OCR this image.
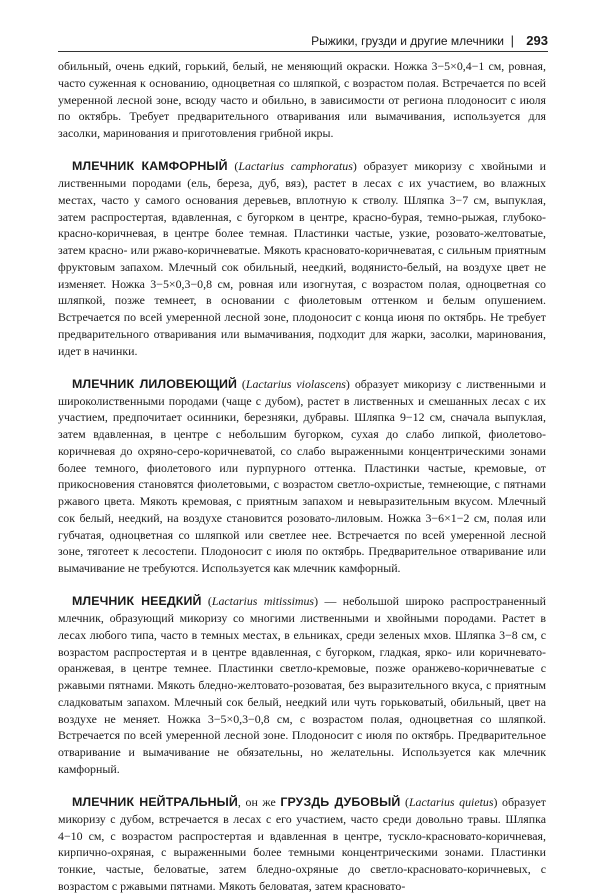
Рыжики, грузди и другие млечники | 293

обильный, очень едкий, горький, белый, не меняющий окраски. Ножка 3−5×0,4−1 см, ровная, часто суженная к основанию, одноцветная со шляпкой, с возрастом полая. Встречается по всей умеренной лесной зоне, всюду часто и обильно, в зависимости от региона плодоносит с июля по октябрь. Требует предварительного отваривания или вымачивания, используется для засолки, маринования и приготовления грибной икры.

МЛЕЧНИК КАМФОРНЫЙ (Lactarius camphoratus) образует микоризу с хвойными и лиственными породами (ель, береза, дуб, вяз), растет в лесах с их участием, во влажных местах, часто у самого основания деревьев, вплотную к стволу. Шляпка 3−7 см, выпуклая, затем распростертая, вдавленная, с бугорком в центре, красно-бурая, темно-рыжая, глубоко-красно-коричневая, в центре более темная. Пластинки частые, узкие, розовато-желтоватые, затем красно- или ржаво-коричневатые. Мякоть красновато-коричневатая, с сильным приятным фруктовым запахом. Млечный сок обильный, неедкий, водянисто-белый, на воздухе цвет не изменяет. Ножка 3−5×0,3−0,8 см, ровная или изогнутая, с возрастом полая, одноцветная со шляпкой, позже темнеет, в основании с фиолетовым оттенком и белым опушением. Встречается по всей умеренной лесной зоне, плодоносит с конца июня по октябрь. Не требует предварительного отваривания или вымачивания, подходит для жарки, засолки, маринования, идет в начинки.

МЛЕЧНИК ЛИЛОВЕЮЩИЙ (Lactarius violascens) образует микоризу с лиственными и широколиственными породами (чаще с дубом), растет в лиственных и смешанных лесах с их участием, предпочитает осинники, березняки, дубравы. Шляпка 9−12 см, сначала выпуклая, затем вдавленная, в центре с небольшим бугорком, сухая до слабо липкой, фиолетово-коричневая до охряно-серо-коричневатой, со слабо выраженными концентрическими зонами более темного, фиолетового или пурпурного оттенка. Пластинки частые, кремовые, от прикосновения становятся фиолетовыми, с возрастом светло-охристые, темнеющие, с пятнами ржавого цвета. Мякоть кремовая, с приятным запахом и невыразительным вкусом. Млечный сок белый, неедкий, на воздухе становится розовато-лиловым. Ножка 3−6×1−2 см, полая или губчатая, одноцветная со шляпкой или светлее нее. Встречается по всей умеренной лесной зоне, тяготеет к лесостепи. Плодоносит с июля по октябрь. Предварительное отваривание или вымачивание не требуются. Используется как млечник камфорный.

МЛЕЧНИК НЕЕДКИЙ (Lactarius mitissimus) — небольшой широко распространенный млечник, образующий микоризу со многими лиственными и хвойными породами. Растет в лесах любого типа, часто в темных местах, в ельниках, среди зеленых мхов. Шляпка 3−8 см, с возрастом распростертая и в центре вдавленная, с бугорком, гладкая, ярко- или коричневато-оранжевая, в центре темнее. Пластинки светло-кремовые, позже оранжево-коричневатые с ржавыми пятнами. Мякоть бледно-желтовато-розоватая, без выразительного вкуса, с приятным сладковатым запахом. Млечный сок белый, неедкий или чуть горьковатый, обильный, цвет на воздухе не меняет. Ножка 3−5×0,3−0,8 см, с возрастом полая, одноцветная со шляпкой. Встречается по всей умеренной лесной зоне. Плодоносит с июля по октябрь. Предварительное отваривание и вымачивание не обязательны, но желательны. Используется как млечник камфорный.

МЛЕЧНИК НЕЙТРАЛЬНЫЙ, он же ГРУЗДЬ ДУБОВЫЙ (Lactarius quietus) образует микоризу с дубом, встречается в лесах с его участием, часто среди довольно травы. Шляпка 4−10 см, с возрастом распростертая и вдавленная в центре, тускло-красновато-коричневая, кирпично-охряная, с выраженными более темными концентрическими зонами. Пластинки тонкие, частые, беловатые, затем бледно-охряные до светло-красновато-коричневых, с возрастом с ржавыми пятнами. Мякоть беловатая, затем красновато-
